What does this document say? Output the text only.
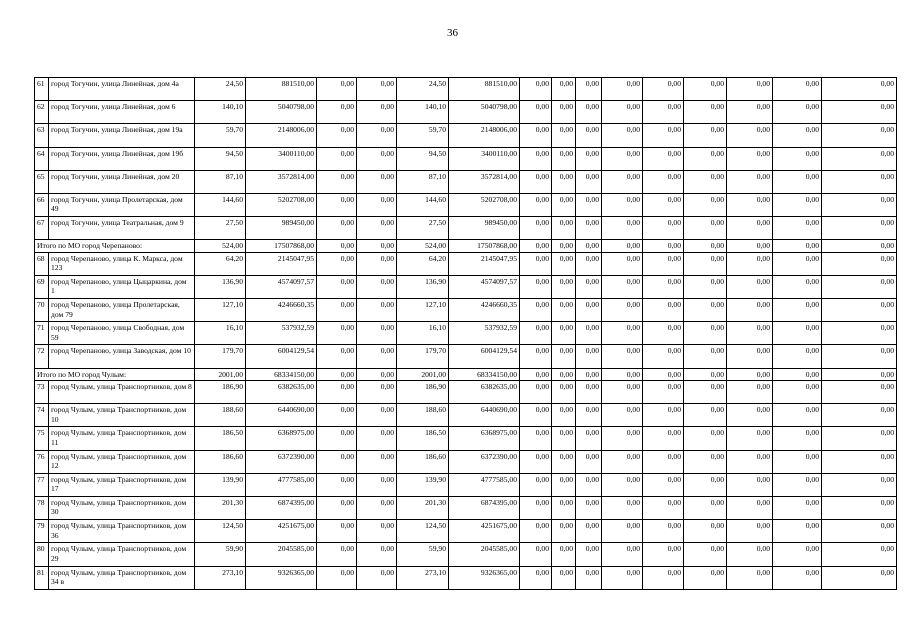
36
61	город Тогучин, улица Линейная, дом 4а	24,50	881510,00	0,00	0,00	24,50	881510,00	0,00	0,00	0,00	0,00	0,00	0,00	0,00	0,00	0,00
62	город Тогучин, улица Линейная, дом 6	140,10	5040798,00	0,00	0,00	140,10	5040798,00	0,00	0,00	0,00	0,00	0,00	0,00	0,00	0,00	0,00
63	город Тогучин, улица Линейная, дом 19а	59,70	2148006,00	0,00	0,00	59,70	2148006,00	0,00	0,00	0,00	0,00	0,00	0,00	0,00	0,00	0,00
64	город Тогучин, улица Линейная, дом 19б	94,50	3400110,00	0,00	0,00	94,50	3400110,00	0,00	0,00	0,00	0,00	0,00	0,00	0,00	0,00	0,00
65	город Тогучин, улица Линейная, дом 20	87,10	3572814,00	0,00	0,00	87,10	3572814,00	0,00	0,00	0,00	0,00	0,00	0,00	0,00	0,00	0,00
66	город Тогучин, улица Пролетарская, дом 49	144,60	5202708,00	0,00	0,00	144,60	5202708,00	0,00	0,00	0,00	0,00	0,00	0,00	0,00	0,00	0,00
67	город Тогучин, улица Театральная, дом 9	27,50	989450,00	0,00	0,00	27,50	989450,00	0,00	0,00	0,00	0,00	0,00	0,00	0,00	0,00	0,00
Итого по МО город Черепаново:		524,00	17507868,00	0,00	0,00	524,00	17507868,00	0,00	0,00	0,00	0,00	0,00	0,00	0,00	0,00	0,00
68	город Черепаново, улица К. Маркса, дом 123	64,20	2145047,95	0,00	0,00	64,20	2145047,95	0,00	0,00	0,00	0,00	0,00	0,00	0,00	0,00	0,00
69	город Черепаново, улица Цыцаркина, дом 1	136,90	4574097,57	0,00	0,00	136,90	4574097,57	0,00	0,00	0,00	0,00	0,00	0,00	0,00	0,00	0,00
70	город Черепаново, улица Пролетарская, дом 79	127,10	4246660,35	0,00	0,00	127,10	4246660,35	0,00	0,00	0,00	0,00	0,00	0,00	0,00	0,00	0,00
71	город Черепаново, улица Свободная, дом 59	16,10	537932,59	0,00	0,00	16,10	537932,59	0,00	0,00	0,00	0,00	0,00	0,00	0,00	0,00	0,00
72	город Черепаново, улица Заводская, дом 10	179,70	6004129,54	0,00	0,00	179,70	6004129,54	0,00	0,00	0,00	0,00	0,00	0,00	0,00	0,00	0,00
Итого по МО город Чулым:		2001,00	68334150,00	0,00	0,00	2001,00	68334150,00	0,00	0,00	0,00	0,00	0,00	0,00	0,00	0,00	0,00
73	город Чулым, улица Транспортников, дом 8	186,90	6382635,00	0,00	0,00	186,90	6382635,00	0,00	0,00	0,00	0,00	0,00	0,00	0,00	0,00	0,00
74	город Чулым, улица Транспортников, дом 10	188,60	6440690,00	0,00	0,00	188,60	6440690,00	0,00	0,00	0,00	0,00	0,00	0,00	0,00	0,00	0,00
75	город Чулым, улица Транспортников, дом 11	186,50	6368975,00	0,00	0,00	186,50	6368975,00	0,00	0,00	0,00	0,00	0,00	0,00	0,00	0,00	0,00
76	город Чулым, улица Транспортников, дом 12	186,60	6372390,00	0,00	0,00	186,60	6372390,00	0,00	0,00	0,00	0,00	0,00	0,00	0,00	0,00	0,00
77	город Чулым, улица Транспортников, дом 17	139,90	4777585,00	0,00	0,00	139,90	4777585,00	0,00	0,00	0,00	0,00	0,00	0,00	0,00	0,00	0,00
78	город Чулым, улица Транспортников, дом 30	201,30	6874395,00	0,00	0,00	201,30	6874395,00	0,00	0,00	0,00	0,00	0,00	0,00	0,00	0,00	0,00
79	город Чулым, улица Транспортников, дом 36	124,50	4251675,00	0,00	0,00	124,50	4251675,00	0,00	0,00	0,00	0,00	0,00	0,00	0,00	0,00	0,00
80	город Чулым, улица Транспортников, дом 29	59,90	2045585,00	0,00	0,00	59,90	2045585,00	0,00	0,00	0,00	0,00	0,00	0,00	0,00	0,00	0,00
81	город Чулым, улица Транспортников, дом 34 в	273,10	9326365,00	0,00	0,00	273,10	9326365,00	0,00	0,00	0,00	0,00	0,00	0,00	0,00	0,00	0,00
